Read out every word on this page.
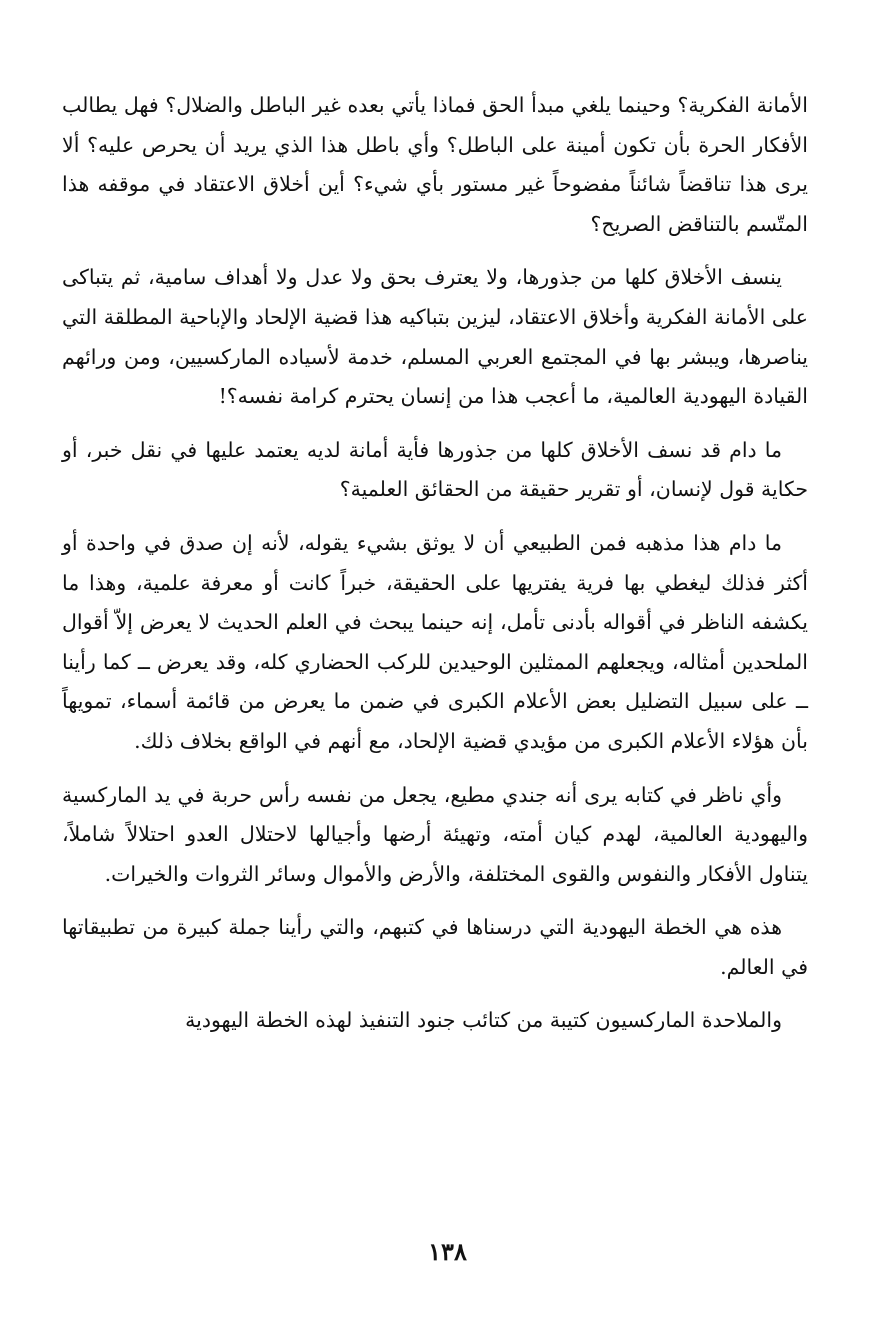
الأمانة الفكرية؟ وحينما يلغي مبدأ الحق فماذا يأتي بعده غير الباطل والضلال؟ فهل يطالب الأفكار الحرة بأن تكون أمينة على الباطل؟ وأي باطل هذا الذي يريد أن يحرص عليه؟ ألا يرى هذا تناقضاً شائناً مفضوحاً غير مستور بأي شيء؟ أين أخلاق الاعتقاد في موقفه هذا المتّسم بالتناقض الصريح؟

ينسف الأخلاق كلها من جذورها، ولا يعترف بحق ولا عدل ولا أهداف سامية، ثم يتباكى على الأمانة الفكرية وأخلاق الاعتقاد، ليزين بتباكيه هذا قضية الإلحاد والإباحية المطلقة التي يناصرها، ويبشر بها في المجتمع العربي المسلم، خدمة لأسياده الماركسيين، ومن ورائهم القيادة اليهودية العالمية، ما أعجب هذا من إنسان يحترم كرامة نفسه؟!

ما دام قد نسف الأخلاق كلها من جذورها فأية أمانة لديه يعتمد عليها في نقل خبر، أو حكاية قول لإنسان، أو تقرير حقيقة من الحقائق العلمية؟

ما دام هذا مذهبه فمن الطبيعي أن لا يوثق بشيء يقوله، لأنه إن صدق في واحدة أو أكثر فذلك ليغطي بها فرية يفتريها على الحقيقة، خبراً كانت أو معرفة علمية، وهذا ما يكشفه الناظر في أقواله بأدنى تأمل، إنه حينما يبحث في العلم الحديث لا يعرض إلاّ أقوال الملحدين أمثاله، ويجعلهم الممثلين الوحيدين للركب الحضاري كله، وقد يعرض ــ كما رأينا ــ على سبيل التضليل بعض الأعلام الكبرى في ضمن ما يعرض من قائمة أسماء، تمويهاً بأن هؤلاء الأعلام الكبرى من مؤيدي قضية الإلحاد، مع أنهم في الواقع بخلاف ذلك.

وأي ناظر في كتابه يرى أنه جندي مطيع، يجعل من نفسه رأس حربة في يد الماركسية واليهودية العالمية، لهدم كيان أمته، وتهيئة أرضها وأجيالها لاحتلال العدو احتلالاً شاملاً، يتناول الأفكار والنفوس والقوى المختلفة، والأرض والأموال وسائر الثروات والخيرات.

هذه هي الخطة اليهودية التي درسناها في كتبهم، والتي رأينا جملة كبيرة من تطبيقاتها في العالم.

والملاحدة الماركسيون كتيبة من كتائب جنود التنفيذ لهذه الخطة اليهودية

١٣٨
